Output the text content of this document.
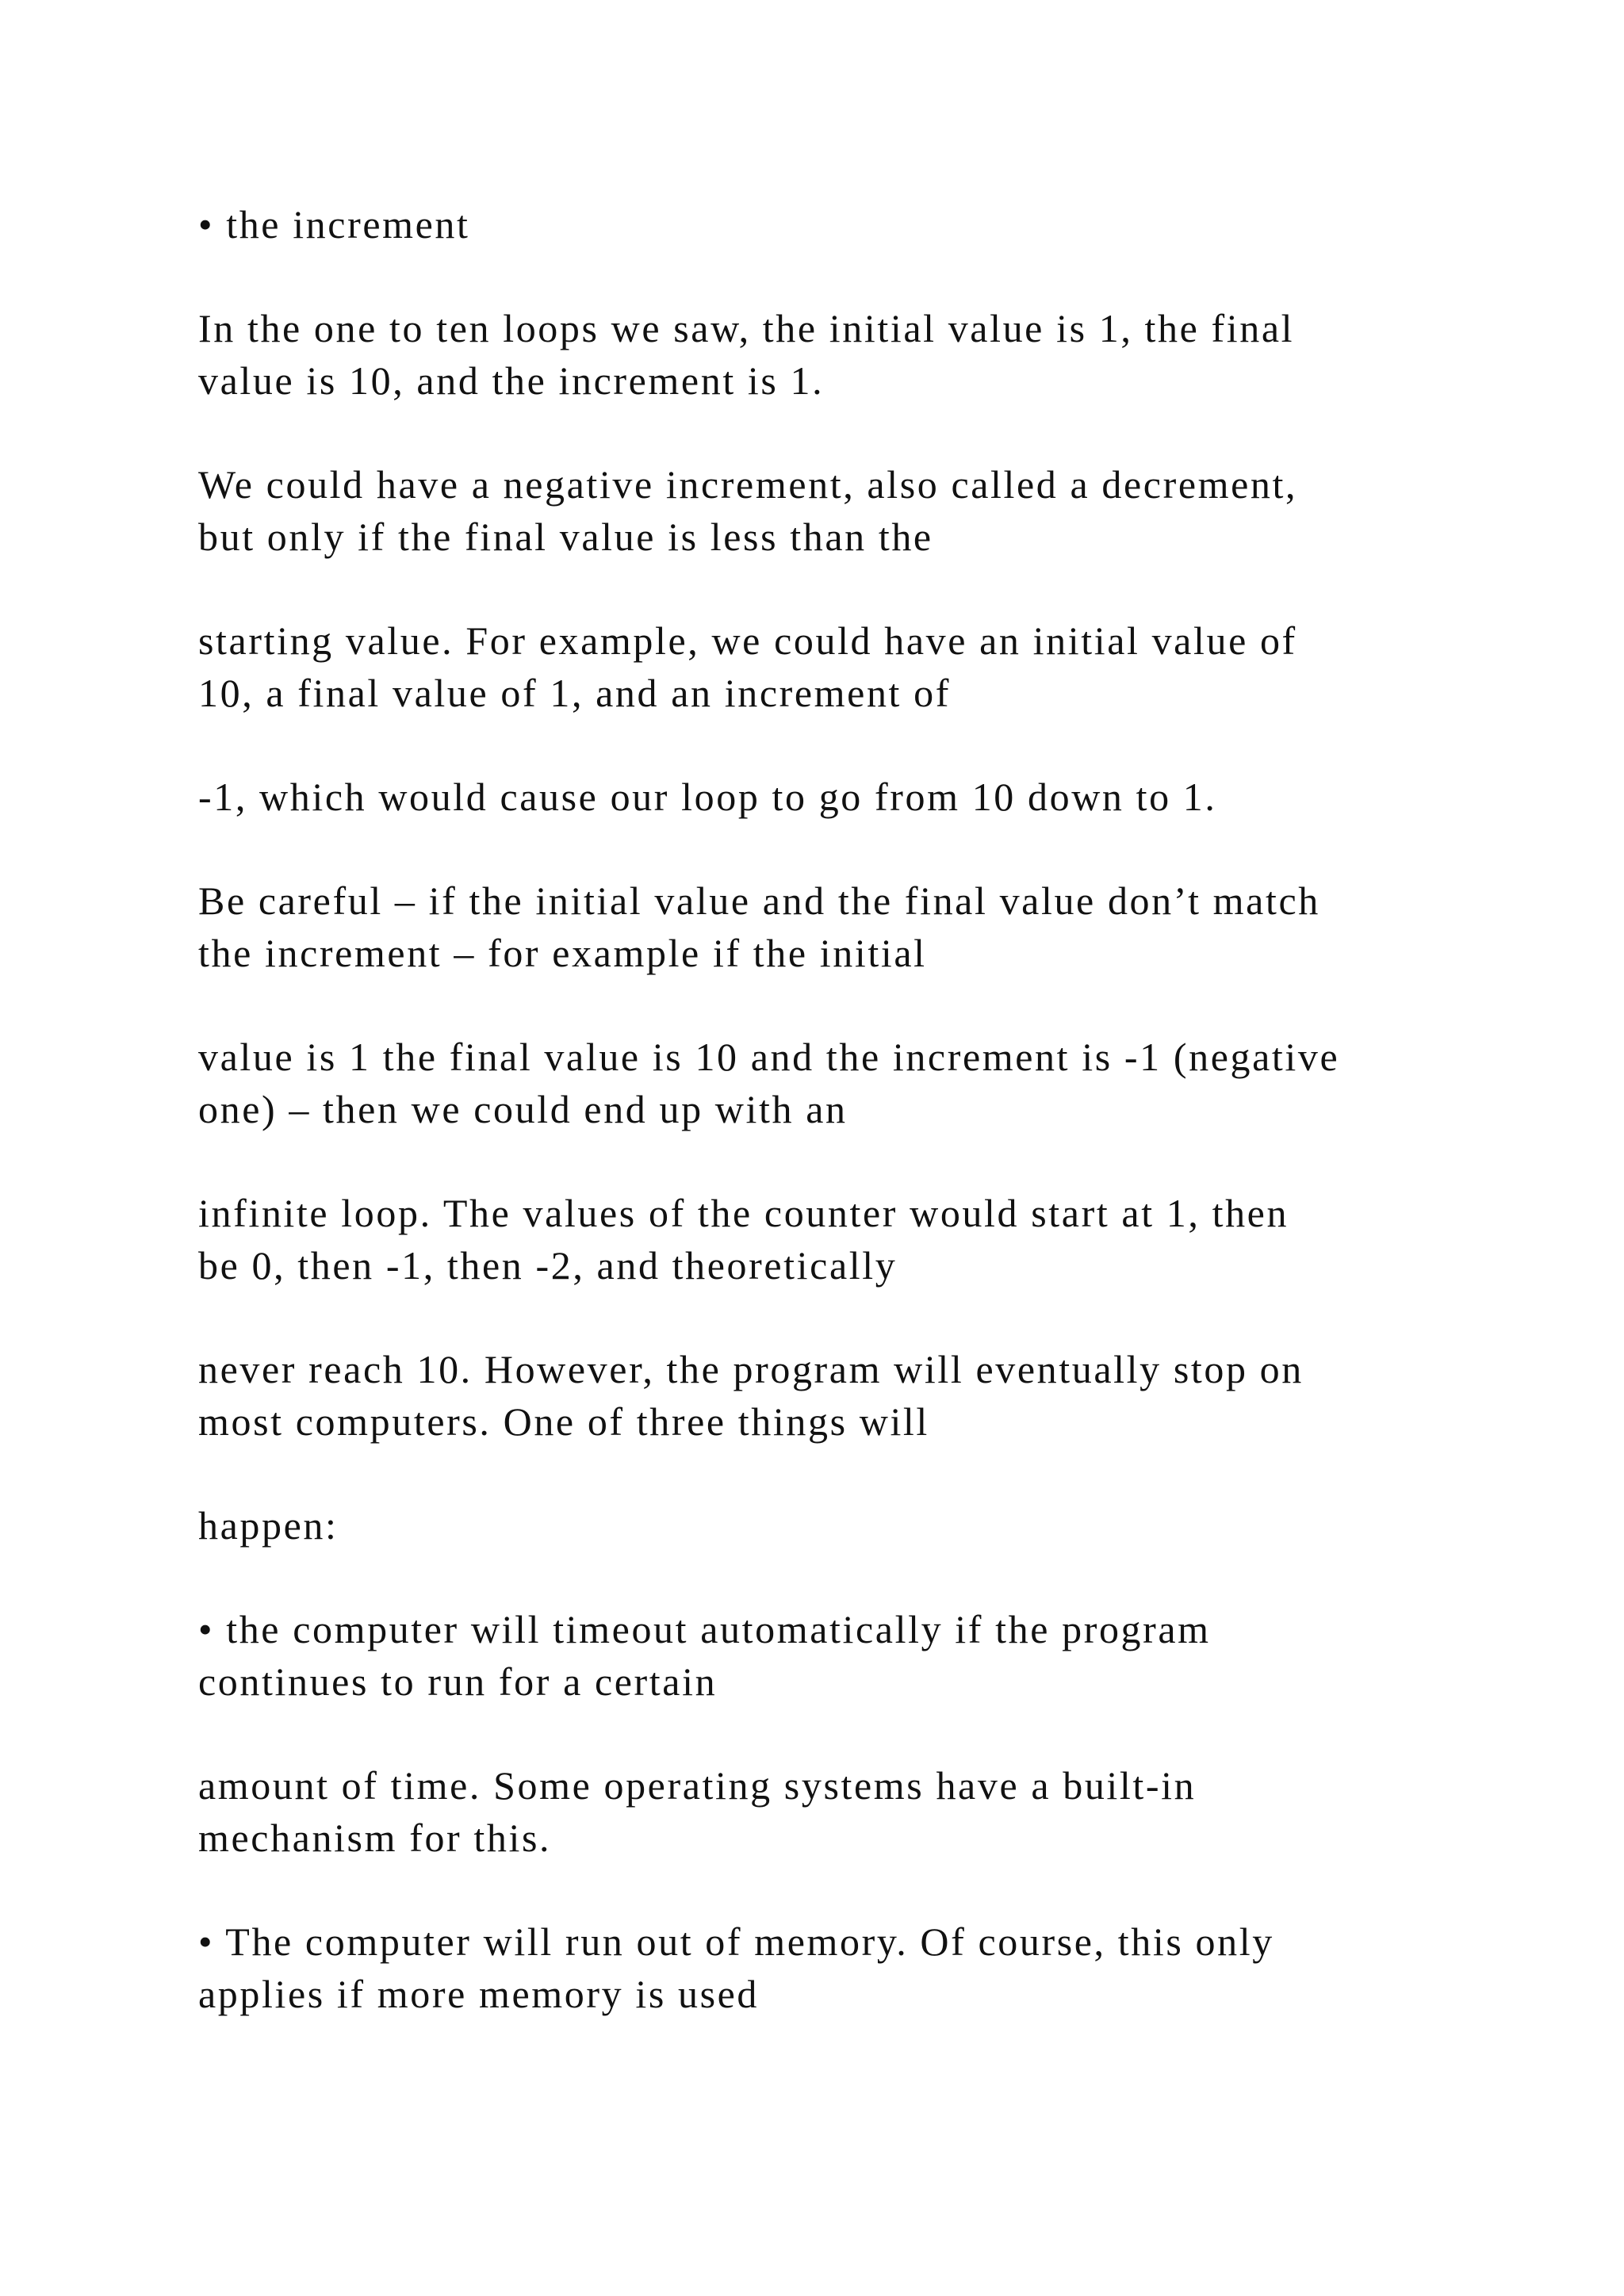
• the increment
In the one to ten loops we saw, the initial value is 1, the final
value is 10, and the increment is 1.
We could have a negative increment, also called a decrement,
but only if the final value is less than the
starting value. For example, we could have an initial value of
10, a final value of 1, and an increment of
-1, which would cause our loop to go from 10 down to 1.
Be careful – if the initial value and the final value don’t match
the increment – for example if the initial
value is 1 the final value is 10 and the increment is -1 (negative
one) – then we could end up with an
infinite loop. The values of the counter would start at 1, then
be 0, then -1, then -2, and theoretically
never reach 10. However, the program will eventually stop on
most computers. One of three things will
happen:
• the computer will timeout automatically if the program
continues to run for a certain
amount of time. Some operating systems have a built-in
mechanism for this.
• The computer will run out of memory. Of course, this only
applies if more memory is used
